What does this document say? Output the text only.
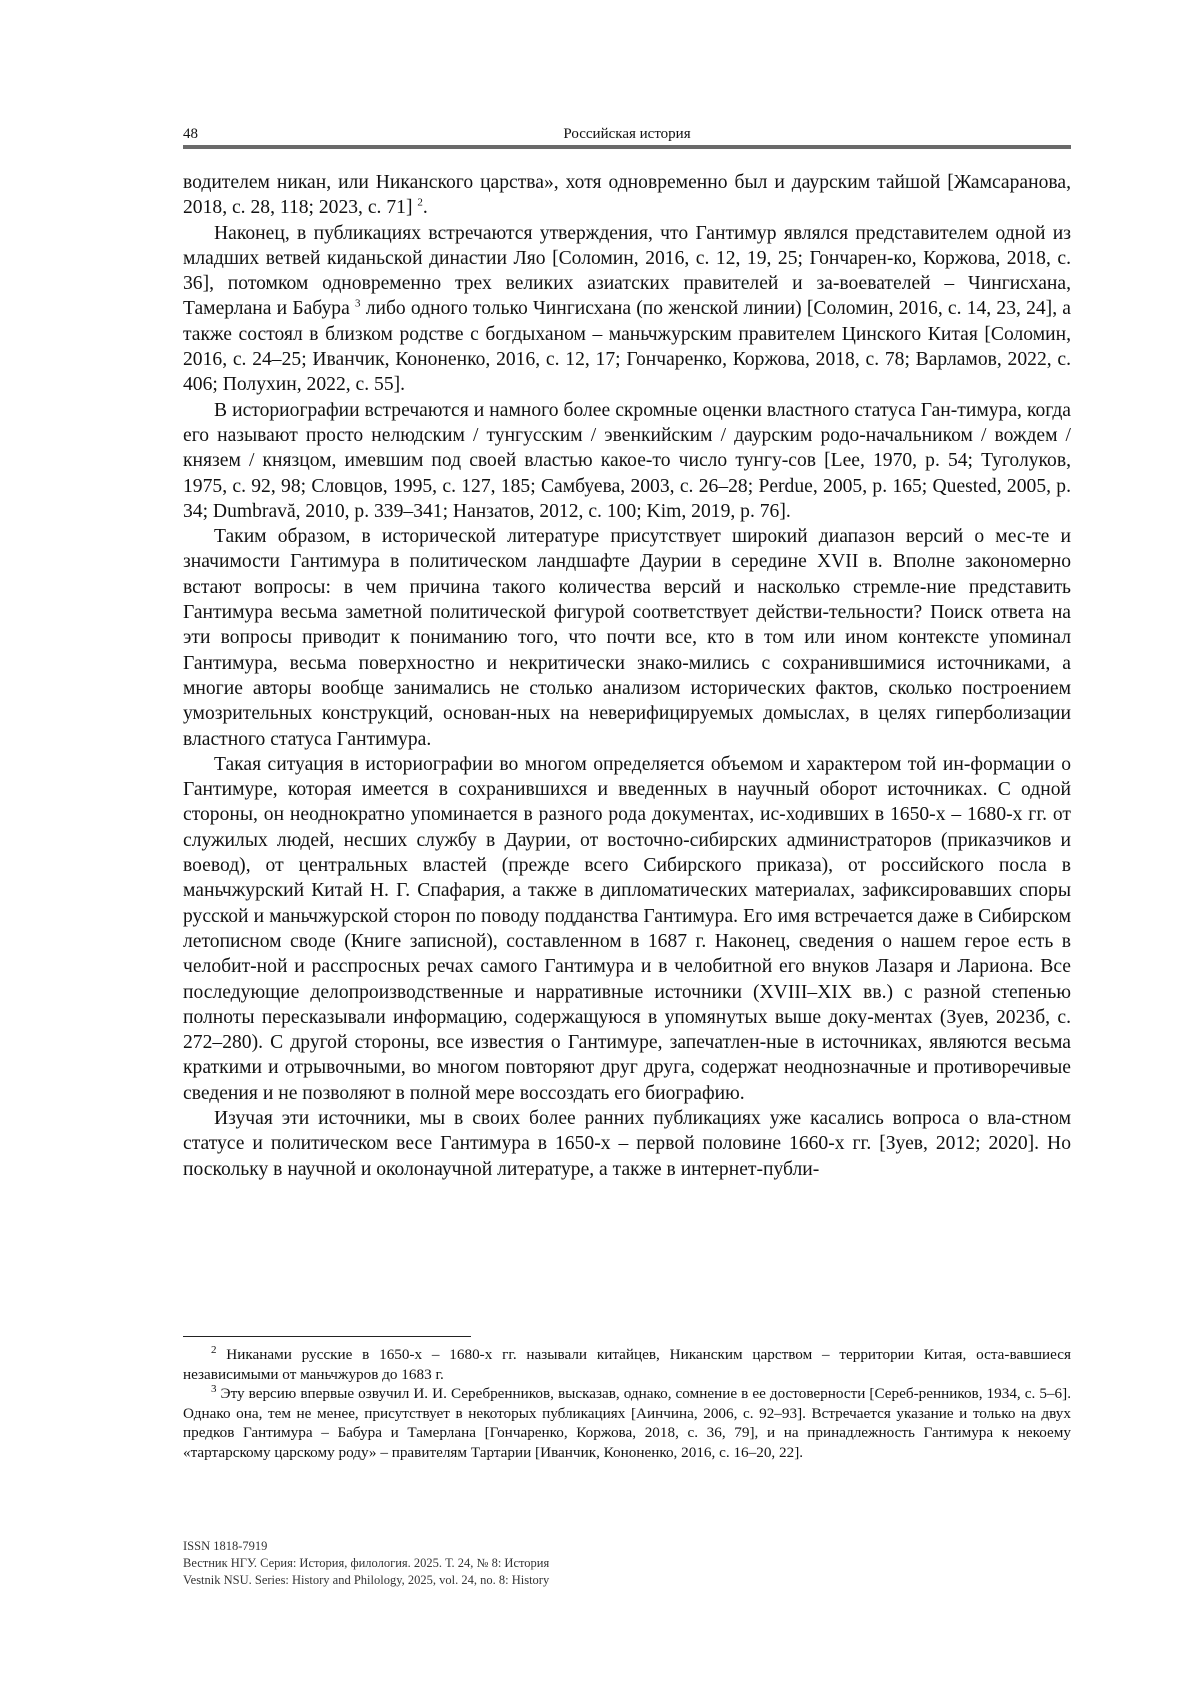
48	Российская история

водителем никан, или Никанского царства», хотя одновременно был и даурским тайшой [Жамсаранова, 2018, с. 28, 118; 2023, с. 71] 2.

Наконец, в публикациях встречаются утверждения, что Гантимур являлся представителем одной из младших ветвей киданьской династии Ляо [Соломин, 2016, с. 12, 19, 25; Гончарен-ко, Коржова, 2018, с. 36], потомком одновременно трех великих азиатских правителей и за-воевателей – Чингисхана, Тамерлана и Бабура 3 либо одного только Чингисхана (по женской линии) [Соломин, 2016, с. 14, 23, 24], а также состоял в близком родстве с богдыханом – маньчжурским правителем Цинского Китая [Соломин, 2016, с. 24–25; Иванчик, Кононенко, 2016, с. 12, 17; Гончаренко, Коржова, 2018, с. 78; Варламов, 2022, с. 406; Полухин, 2022, с. 55].

В историографии встречаются и намного более скромные оценки властного статуса Ган-тимура, когда его называют просто нелюдским / тунгусским / эвенкийским / даурским родо-начальником / вождем / князем / князцом, имевшим под своей властью какое-то число тунгу-сов [Lee, 1970, p. 54; Туголуков, 1975, с. 92, 98; Словцов, 1995, с. 127, 185; Самбуева, 2003, с. 26–28; Perdue, 2005, p. 165; Quested, 2005, p. 34; Dumbravă, 2010, p. 339–341; Нанзатов, 2012, с. 100; Kim, 2019, p. 76].

Таким образом, в исторической литературе присутствует широкий диапазон версий о мес-те и значимости Гантимура в политическом ландшафте Даурии в середине XVII в. Вполне закономерно встают вопросы: в чем причина такого количества версий и насколько стремле-ние представить Гантимура весьма заметной политической фигурой соответствует действи-тельности? Поиск ответа на эти вопросы приводит к пониманию того, что почти все, кто в том или ином контексте упоминал Гантимура, весьма поверхностно и некритически знако-мились с сохранившимися источниками, а многие авторы вообще занимались не столько анализом исторических фактов, сколько построением умозрительных конструкций, основан-ных на неверифицируемых домыслах, в целях гиперболизации властного статуса Гантимура.

Такая ситуация в историографии во многом определяется объемом и характером той ин-формации о Гантимуре, которая имеется в сохранившихся и введенных в научный оборот источниках. С одной стороны, он неоднократно упоминается в разного рода документах, ис-ходивших в 1650-х – 1680-х гг. от служилых людей, несших службу в Даурии, от восточно-сибирских администраторов (приказчиков и воевод), от центральных властей (прежде всего Сибирского приказа), от российского посла в маньчжурский Китай Н. Г. Спафария, а также в дипломатических материалах, зафиксировавших споры русской и маньчжурской сторон по поводу подданства Гантимура. Его имя встречается даже в Сибирском летописном своде (Книге записной), составленном в 1687 г. Наконец, сведения о нашем герое есть в челобит-ной и расспросных речах самого Гантимура и в челобитной его внуков Лазаря и Лариона. Все последующие делопроизводственные и нарративные источники (XVIII–XIX вв.) с разной степенью полноты пересказывали информацию, содержащуюся в упомянутых выше доку-ментах (Зуев, 2023б, с. 272–280). С другой стороны, все известия о Гантимуре, запечатлен-ные в источниках, являются весьма краткими и отрывочными, во многом повторяют друг друга, содержат неоднозначные и противоречивые сведения и не позволяют в полной мере воссоздать его биографию.

Изучая эти источники, мы в своих более ранних публикациях уже касались вопроса о вла-стном статусе и политическом весе Гантимура в 1650-х – первой половине 1660-х гг. [Зуев, 2012; 2020]. Но поскольку в научной и околонаучной литературе, а также в интернет-публи-

2 Никанами русские в 1650-х – 1680-х гг. называли китайцев, Никанским царством – территории Китая, оста-вавшиеся независимыми от маньчжуров до 1683 г.

3 Эту версию впервые озвучил И. И. Серебренников, высказав, однако, сомнение в ее достоверности [Сереб-ренников, 1934, с. 5–6]. Однако она, тем не менее, присутствует в некоторых публикациях [Аинчина, 2006, с. 92–93]. Встречается указание и только на двух предков Гантимура – Бабура и Тамерлана [Гончаренко, Коржова, 2018, с. 36, 79], и на принадлежность Гантимура к некоему «тартарскому царскому роду» – правителям Тартарии [Иванчик, Кононенко, 2016, с. 16–20, 22].

ISSN 1818-7919
Вестник НГУ. Серия: История, филология. 2025. Т. 24, № 8: История
Vestnik NSU. Series: History and Philology, 2025, vol. 24, no. 8: History
